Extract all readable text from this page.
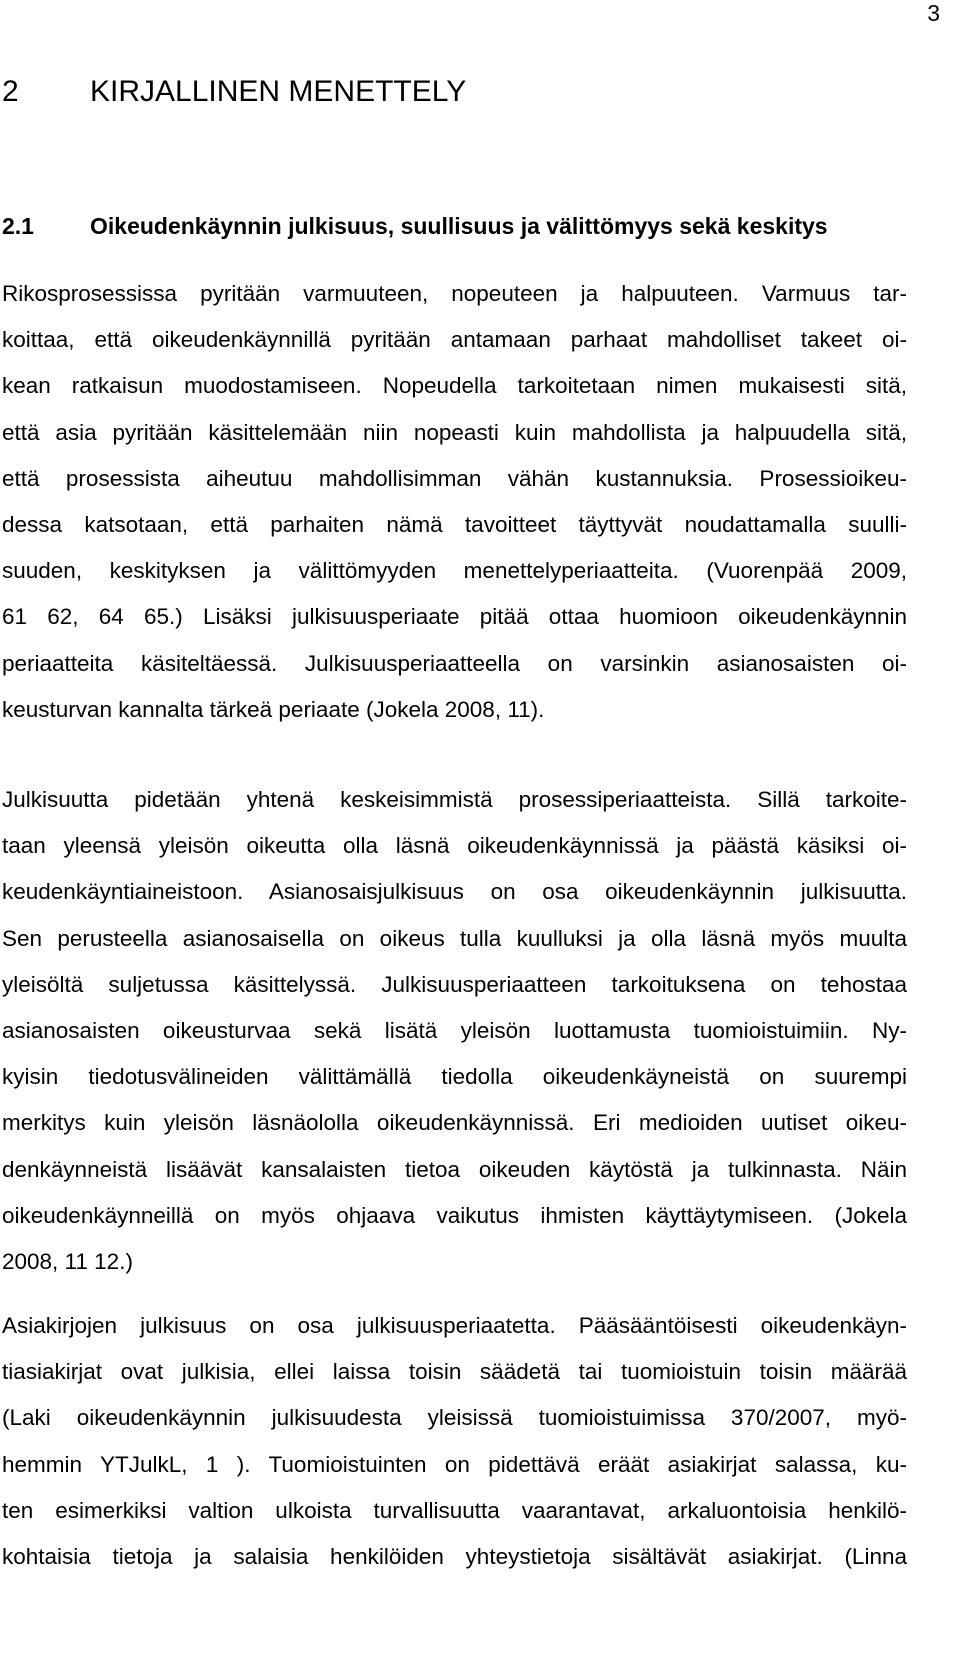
3
2 KIRJALLINEN MENETTELY
2.1 Oikeudenkäynnin julkisuus, suullisuus ja välittömyys sekä keskitys
Rikosprosessissa pyritään varmuuteen, nopeuteen ja halpuuteen. Varmuus tar-
koittaa, että oikeudenkäynnillä pyritään antamaan parhaat mahdolliset takeet oi-
kean ratkaisun muodostamiseen. Nopeudella tarkoitetaan nimen mukaisesti sitä,
että asia pyritään käsittelemään niin nopeasti kuin mahdollista ja halpuudella sitä,
että prosessista aiheutuu mahdollisimman vähän kustannuksia. Prosessioikeu-
dessa katsotaan, että parhaiten nämä tavoitteet täyttyvät noudattamalla suulli-
suuden, keskityksen ja välittömyyden menettelyperiaatteita. (Vuorenpää 2009,
61 62, 64 65.) Lisäksi julkisuusperiaate pitää ottaa huomioon oikeudenkäynnin
periaatteita käsiteltäessä. Julkisuusperiaatteella on varsinkin asianosaisten oi-
keusturvan kannalta tärkeä periaate (Jokela 2008, 11).
Julkisuutta pidetään yhtenä keskeisimmistä prosessiperiaatteista. Sillä tarkoite-
taan yleensä yleisön oikeutta olla läsnä oikeudenkäynnissä ja päästä käsiksi oi-
keudenkäyntiaineistoon. Asianosaisjulkisuus on osa oikeudenkäynnin julkisuutta.
Sen perusteella asianosaisella on oikeus tulla kuulluksi ja olla läsnä myös muulta
yleisöltä suljetussa käsittelyssä. Julkisuusperiaatteen tarkoituksena on tehostaa
asianosaisten oikeusturvaa sekä lisätä yleisön luottamusta tuomioistuimiin. Ny-
kyisin tiedotusvälineiden välittämällä tiedolla oikeudenkäyneistä on suurempi
merkitys kuin yleisön läsnäololla oikeudenkäynnissä. Eri medioiden uutiset oikeu-
denkäynneistä lisäävät kansalaisten tietoa oikeuden käytöstä ja tulkinnasta. Näin
oikeudenkäynneillä on myös ohjaava vaikutus ihmisten käyttäytymiseen. (Jokela
2008, 11 12.)
Asiakirjojen julkisuus on osa julkisuusperiaatetta. Pääsääntöisesti oikeudenkäyn-
tiasiakirjat ovat julkisia, ellei laissa toisin säädetä tai tuomioistuin toisin määrää
(Laki oikeudenkäynnin julkisuudesta yleisissä tuomioistuimissa 370/2007, myö-
hemmin YTJulkL, 1 ). Tuomioistuinten on pidettävä eräät asiakirjat salassa, ku-
ten esimerkiksi valtion ulkoista turvallisuutta vaarantavat, arkaluontoisia henkilö-
kohtaisia tietoja ja salaisia henkilöiden yhteystietoja sisältävät asiakirjat. (Linna
